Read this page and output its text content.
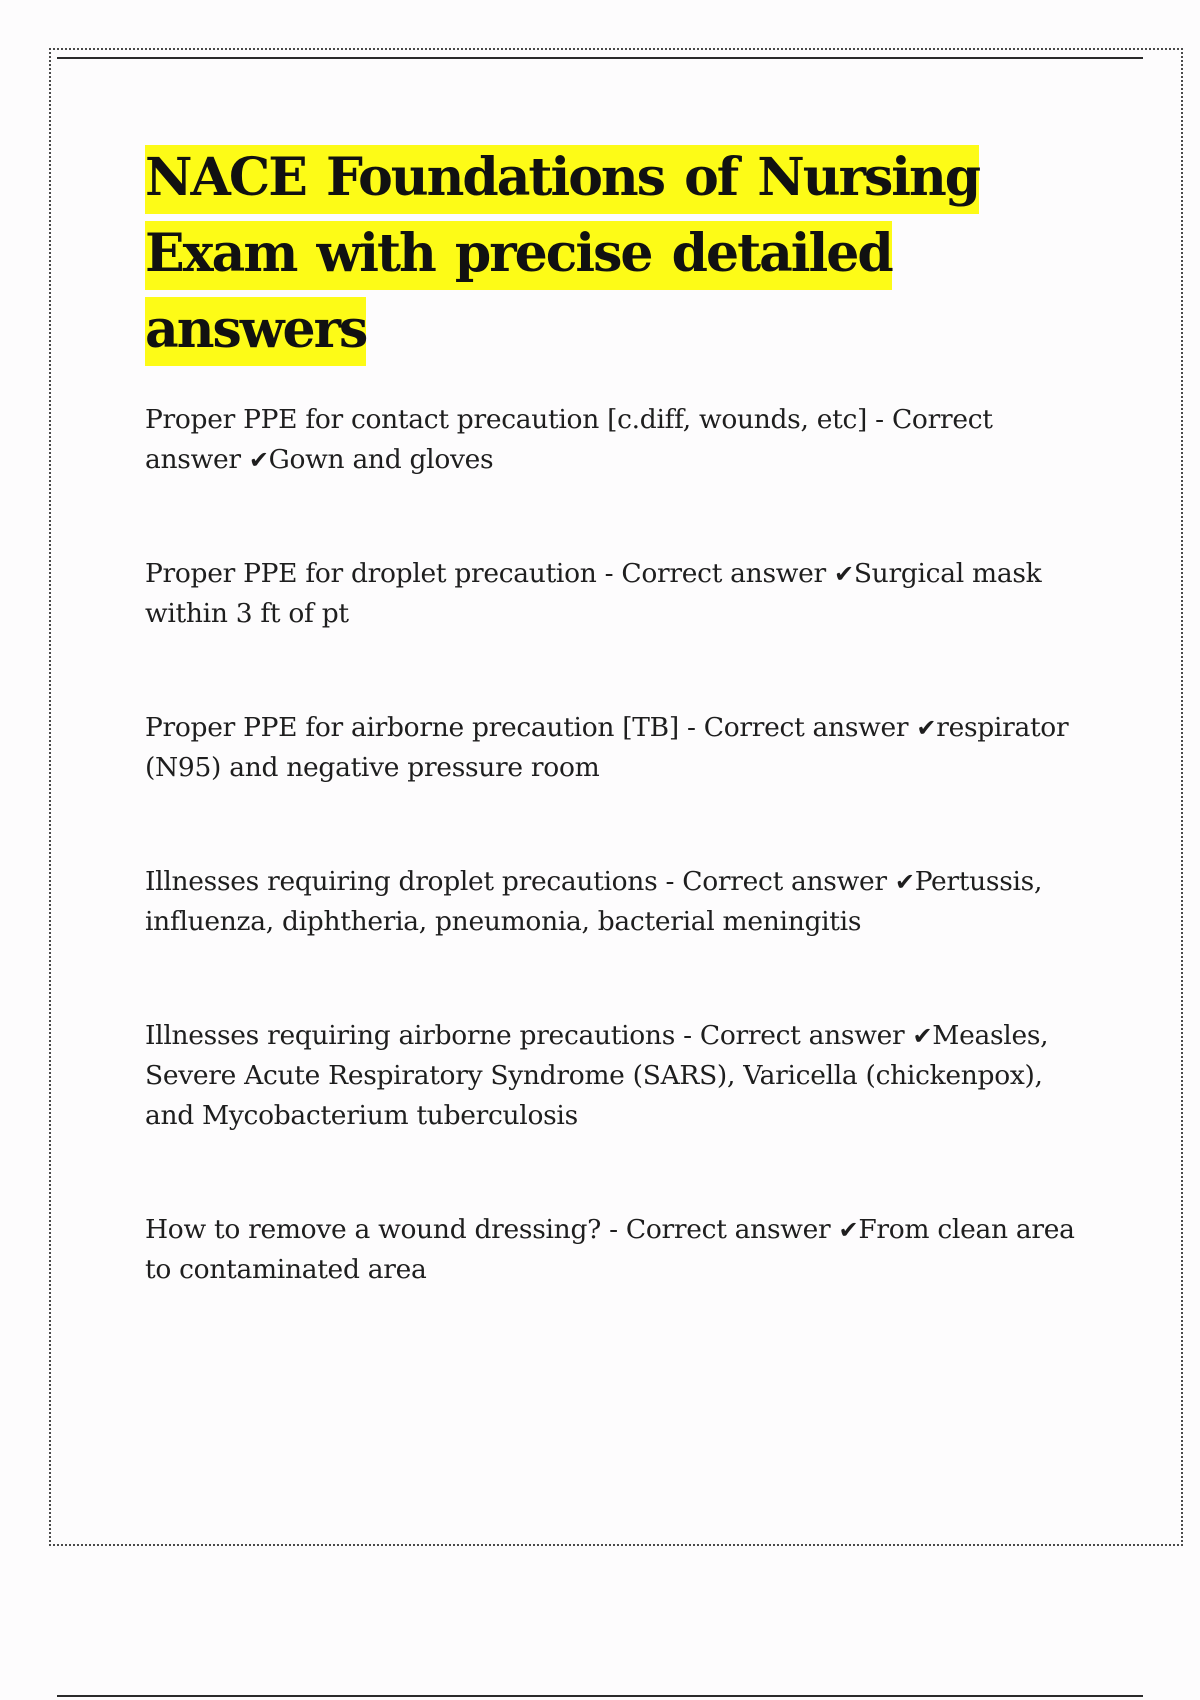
NACE Foundations of Nursing Exam with precise detailed answers

Proper PPE for contact precaution [c.diff, wounds, etc] - Correct answer ✔Gown and gloves

Proper PPE for droplet precaution - Correct answer ✔Surgical mask within 3 ft of pt

Proper PPE for airborne precaution [TB] - Correct answer ✔respirator (N95) and negative pressure room

Illnesses requiring droplet precautions - Correct answer ✔Pertussis, influenza, diphtheria, pneumonia, bacterial meningitis

Illnesses requiring airborne precautions - Correct answer ✔Measles, Severe Acute Respiratory Syndrome (SARS), Varicella (chickenpox), and Mycobacterium tuberculosis

How to remove a wound dressing? - Correct answer ✔From clean area to contaminated area
